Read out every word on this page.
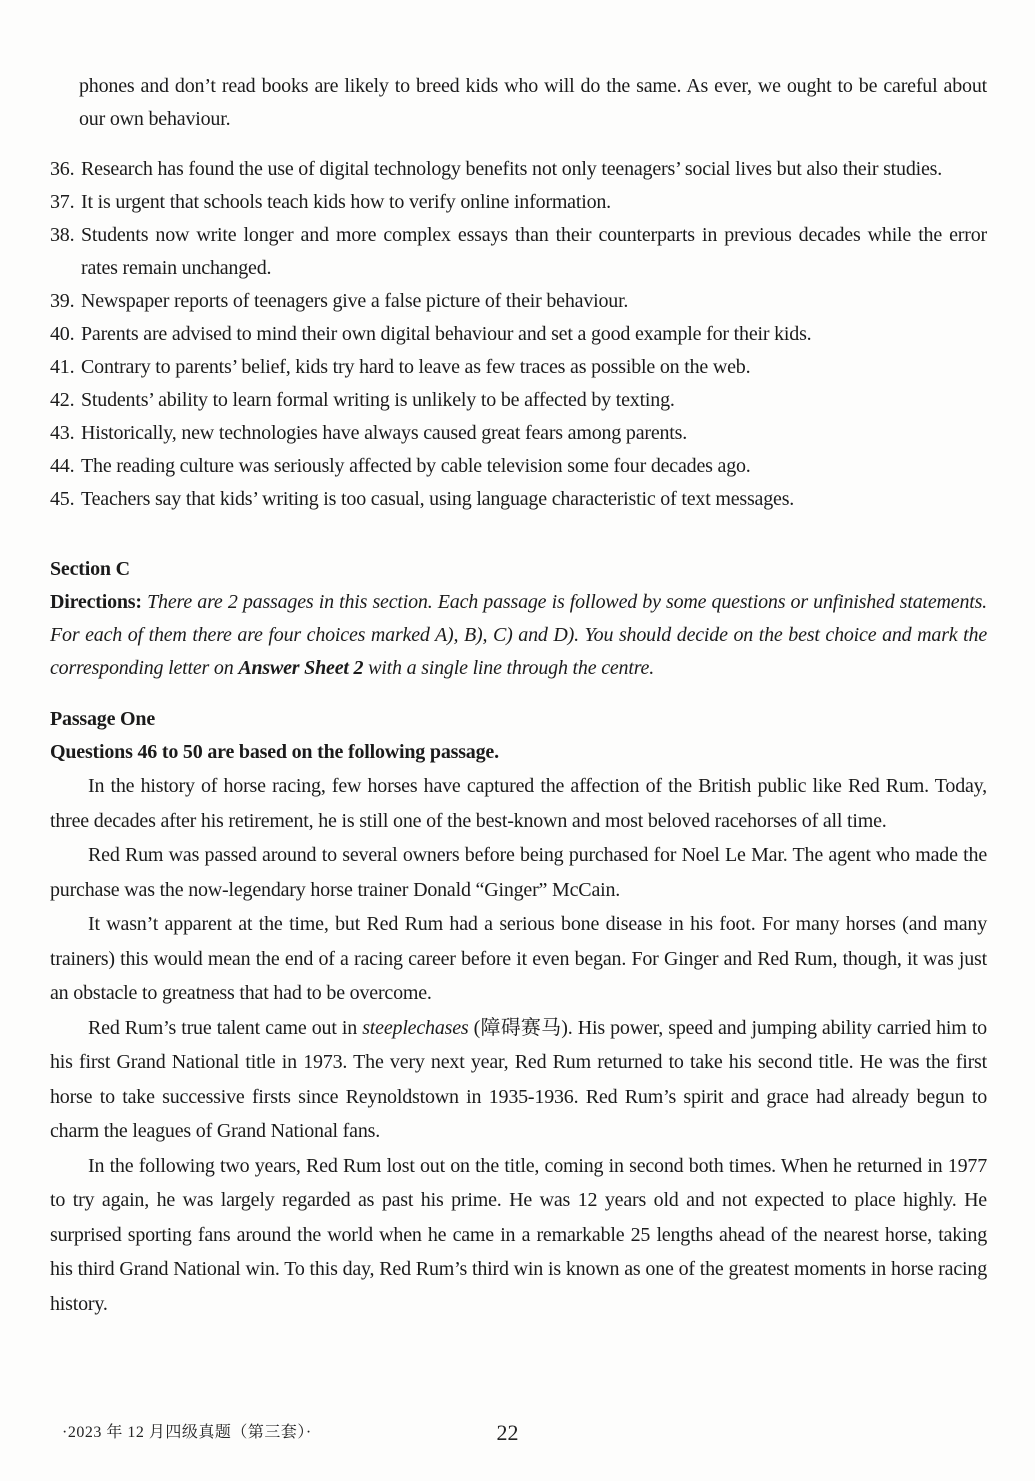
phones and don’t read books are likely to breed kids who will do the same. As ever, we ought to be careful about our own behaviour.
36. Research has found the use of digital technology benefits not only teenagers’ social lives but also their studies.
37. It is urgent that schools teach kids how to verify online information.
38. Students now write longer and more complex essays than their counterparts in previous decades while the error rates remain unchanged.
39. Newspaper reports of teenagers give a false picture of their behaviour.
40. Parents are advised to mind their own digital behaviour and set a good example for their kids.
41. Contrary to parents’ belief, kids try hard to leave as few traces as possible on the web.
42. Students’ ability to learn formal writing is unlikely to be affected by texting.
43. Historically, new technologies have always caused great fears among parents.
44. The reading culture was seriously affected by cable television some four decades ago.
45. Teachers say that kids’ writing is too casual, using language characteristic of text messages.
Section C
Directions: There are 2 passages in this section. Each passage is followed by some questions or unfinished statements. For each of them there are four choices marked A), B), C) and D). You should decide on the best choice and mark the corresponding letter on Answer Sheet 2 with a single line through the centre.
Passage One
Questions 46 to 50 are based on the following passage.

In the history of horse racing, few horses have captured the affection of the British public like Red Rum. Today, three decades after his retirement, he is still one of the best-known and most beloved racehorses of all time.

Red Rum was passed around to several owners before being purchased for Noel Le Mar. The agent who made the purchase was the now-legendary horse trainer Donald “Ginger” McCain.

It wasn’t apparent at the time, but Red Rum had a serious bone disease in his foot. For many horses (and many trainers) this would mean the end of a racing career before it even began. For Ginger and Red Rum, though, it was just an obstacle to greatness that had to be overcome.

Red Rum’s true talent came out in steeplechases (障碍赛马). His power, speed and jumping ability carried him to his first Grand National title in 1973. The very next year, Red Rum returned to take his second title. He was the first horse to take successive firsts since Reynoldstown in 1935-1936. Red Rum’s spirit and grace had already begun to charm the leagues of Grand National fans.

In the following two years, Red Rum lost out on the title, coming in second both times. When he returned in 1977 to try again, he was largely regarded as past his prime. He was 12 years old and not expected to place highly. He surprised sporting fans around the world when he came in a remarkable 25 lengths ahead of the nearest horse, taking his third Grand National win. To this day, Red Rum’s third win is known as one of the greatest moments in horse racing history.

·2023 年 12 月四级真题（第三套）·	22
